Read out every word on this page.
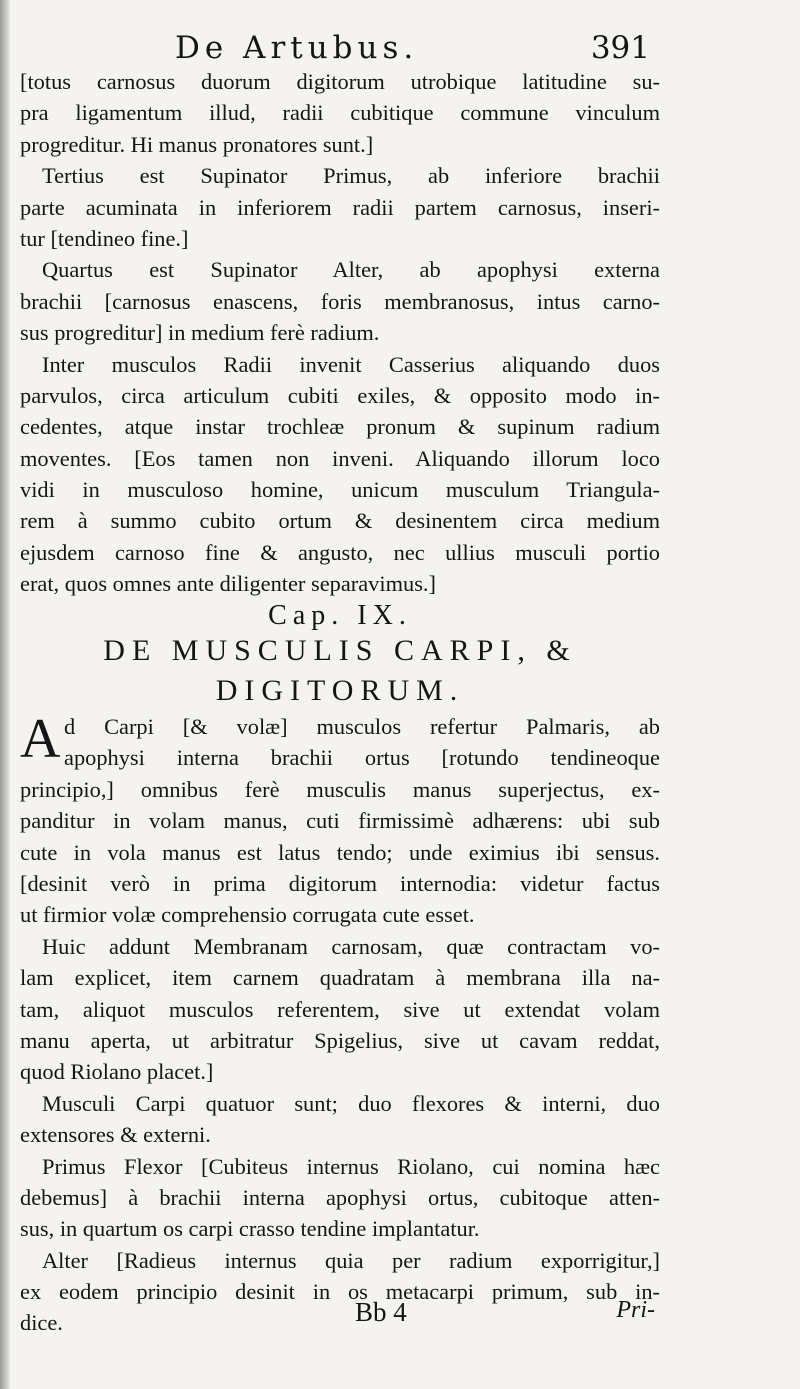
De Artubus.	391
[totus carnosus duorum digitorum utrobique latitudine su-
pra ligamentum illud, radii cubitique commune vinculum
progreditur. Hi manus pronatores sunt.]
Tertius est Supinator Primus, ab inferiore brachii
parte acuminata in inferiorem radii partem carnosus, inseri-
tur [tendineo fine.]
Quartus est Supinator Alter, ab apophysi externa
brachii [carnosus enascens, foris membranosus, intus carno-
sus progreditur] in medium ferè radium.
Inter musculos Radii invenit Casserius aliquando duos
parvulos, circa articulum cubiti exiles, & opposito modo in-
cedentes, atque instar trochleæ pronum & supinum radium
moventes. [Eos tamen non inveni. Aliquando illorum loco
vidi in musculoso homine, unicum musculum Triangula-
rem à summo cubito ortum & desinentem circa medium
ejusdem carnoso fine & angusto, nec ullius musculi portio
erat, quos omnes ante diligenter separavimus.]
Cap. IX.
DE MUSCULIS CARPI, &
DIGITORUM.
A d Carpi [& volæ] musculos refertur Palmaris, ab
apophysi interna brachii ortus [rotundo tendineoque
principio,] omnibus ferè musculis manus superjectus, ex-
panditur in volam manus, cuti firmissimè adhærens: ubi sub
cute in vola manus est latus tendo; unde eximius ibi sensus.
[desinit verò in prima digitorum internodia: videtur factus
ut firmior volæ comprehensio corrugata cute esset.
Huic addunt Membranam carnosam, quæ contractam vo-
lam explicet, item carnem quadratam à membrana illa na-
tam, aliquot musculos referentem, sive ut extendat volam
manu aperta, ut arbitratur Spigelius, sive ut cavam reddat,
quod Riolano placet.]
Musculi Carpi quatuor sunt; duo flexores & interni, duo
extensores & externi.
Primus Flexor [Cubiteus internus Riolano, cui nomina hæc
debemus] à brachii interna apophysi ortus, cubitoque atten-
sus, in quartum os carpi crasso tendine implantatur.
Alter [Radieus internus quia per radium exporrigitur,]
ex eodem principio desinit in os metacarpi primum, sub in-
dice.	Bb 4	Pri-
